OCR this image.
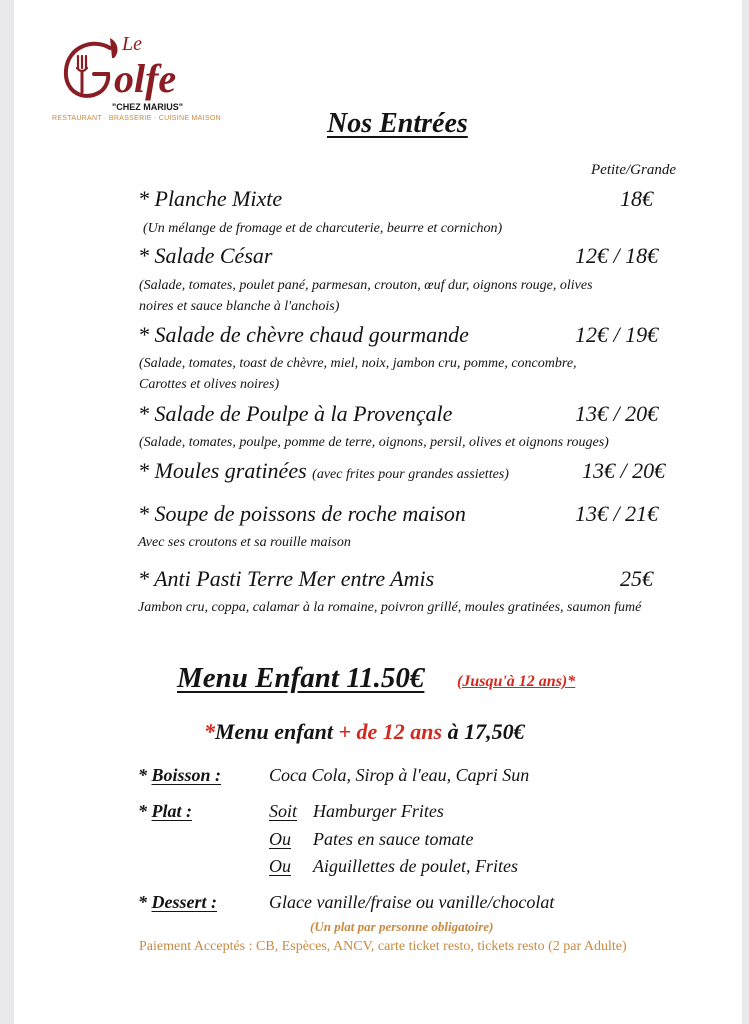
Le
olfe
"CHEZ MARIUS"
RESTAURANT · BRASSERIE · CUISINE MAISON	Nos Entrées
Petite/Grande
* Planche Mixte	18€
(Un mélange de fromage et de charcuterie, beurre et cornichon)
* Salade César	12€ / 18€
(Salade, tomates, poulet pané, parmesan, crouton, œuf dur, oignons rouge, olives
noires et sauce blanche à l'anchois)
* Salade de chèvre chaud gourmande	12€ / 19€
(Salade, tomates, toast de chèvre, miel, noix, jambon cru, pomme, concombre,
Carottes et olives noires)
* Salade de Poulpe à la Provençale	13€ / 20€
(Salade, tomates, poulpe, pomme de terre, oignons, persil, olives et oignons rouges)
* Moules gratinées (avec frites pour grandes assiettes)	13€ / 20€
* Soupe de poissons de roche maison	13€ / 21€
Avec ses croutons et sa rouille maison
* Anti Pasti Terre Mer entre Amis	25€
Jambon cru, coppa, calamar à la romaine, poivron grillé, moules gratinées, saumon fumé
Menu Enfant 11.50€ (Jusqu'à 12 ans)*
*Menu enfant + de 12 ans à 17,50€
* Boisson :	Coca Cola, Sirop à l'eau, Capri Sun
* Plat :	Soit Hamburger Frites
Ou Pates en sauce tomate
Ou Aiguillettes de poulet, Frites
* Dessert :	Glace vanille/fraise ou vanille/chocolat
(Un plat par personne obligatoire)
Paiement Acceptés : CB, Espèces, ANCV, carte ticket resto, tickets resto (2 par Adulte)
